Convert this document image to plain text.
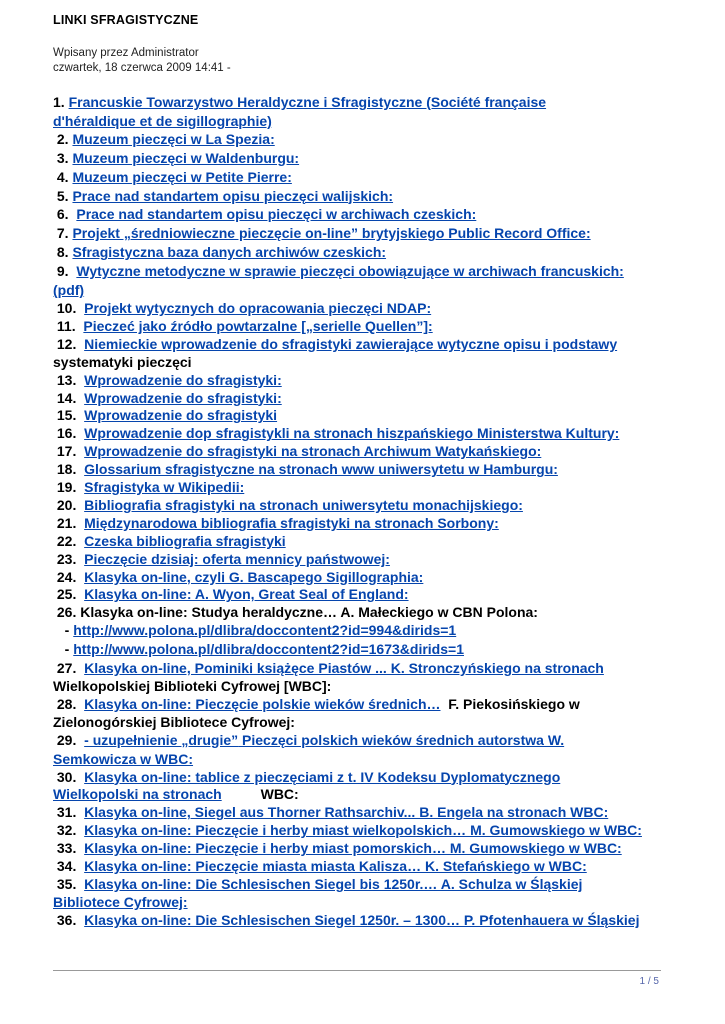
LINKI SFRAGISTYCZNE
Wpisany przez Administrator
czwartek, 18 czerwca 2009 14:41 -
1. Francuskie Towarzystwo Heraldyczne i Sfragistyczne (Société française
d'héraldique et de sigillographie)
2. Muzeum pieczęci w La Spezia:
3. Muzeum pieczęci w Waldenburgu:
4. Muzeum pieczęci w Petite Pierre:
5. Prace nad standartem opisu pieczęci walijskich:
6.  Prace nad standartem opisu pieczęci w archiwach czeskich:
7. Projekt „średniowieczne pieczęcie on-line” brytyjskiego Public Record Office:
8. Sfragistyczna baza danych archiwów czeskich:
9.  Wytyczne metodyczne w sprawie pieczęci obowiązujące w archiwach francuskich:
(pdf)
10.  Projekt wytycznych do opracowania pieczęci NDAP:
11.  Pieczeć jako źródło powtarzalne [„serielle Quellen”]:
12.  Niemieckie wprowadzenie do sfragistyki zawierające wytyczne opisu i podstawy
systematyki pieczęci
13.  Wprowadzenie do sfragistyki:
14.  Wprowadzenie do sfragistyki:
15.  Wprowadzenie do sfragistyki
16.  Wprowadzenie dop sfragistykli na stronach hiszpańskiego Ministerstwa Kultury:
17.  Wprowadzenie do sfragistyki na stronach Archiwum Watykańskiego:
18.  Glossarium sfragistyczne na stronach www uniwersytetu w Hamburgu:
19.  Sfragistyka w Wikipedii:
20.  Bibliografia sfragistyki na stronach uniwersytetu monachijskiego:
21.  Międzynarodowa bibliografia sfragistyki na stronach Sorbony:
22.  Czeska bibliografia sfragistyki
23.  Pieczęcie dzisiaj: oferta mennicy państwowej:
24.  Klasyka on-line, czyli G. Bascapego Sigillographia:
25.  Klasyka on-line: A. Wyon, Great Seal of England:
26. Klasyka on-line: Studya heraldyczne… A. Małeckiego w CBN Polona:
- http://www.polona.pl/dlibra/doccontent2?id=994&dirids=1
- http://www.polona.pl/dlibra/doccontent2?id=1673&dirids=1
27.  Klasyka on-line, Pominiki książęce Piastów ... K. Stronczyńskiego na stronach
Wielkopolskiej Biblioteki Cyfrowej [WBC]:
28.  Klasyka on-line: Pieczęcie polskie wieków średnich…  F. Piekosińskiego w
Zielonogórskiej Bibliotece Cyfrowej:
29.  - uzupełnienie „drugie” Pieczęci polskich wieków średnich autorstwa W.
Semkowicza w WBC:
30.  Klasyka on-line: tablice z pieczęciami z t. IV Kodeksu Dyplomatycznego
Wielkopolski na stronach          WBC:
31.  Klasyka on-line, Siegel aus Thorner Rathsarchiv... B. Engela na stronach WBC:
32.  Klasyka on-line: Pieczęcie i herby miast wielkopolskich… M. Gumowskiego w WBC:
33.  Klasyka on-line: Pieczęcie i herby miast pomorskich… M. Gumowskiego w WBC:
34.  Klasyka on-line: Pieczęcie miasta miasta Kalisza… K. Stefańskiego w WBC:
35.  Klasyka on-line: Die Schlesischen Siegel bis 1250r.… A. Schulza w Śląskiej
Bibliotece Cyfrowej:
36.  Klasyka on-line: Die Schlesischen Siegel 1250r. – 1300… P. Pfotenhauera w Śląskiej
1 / 5
